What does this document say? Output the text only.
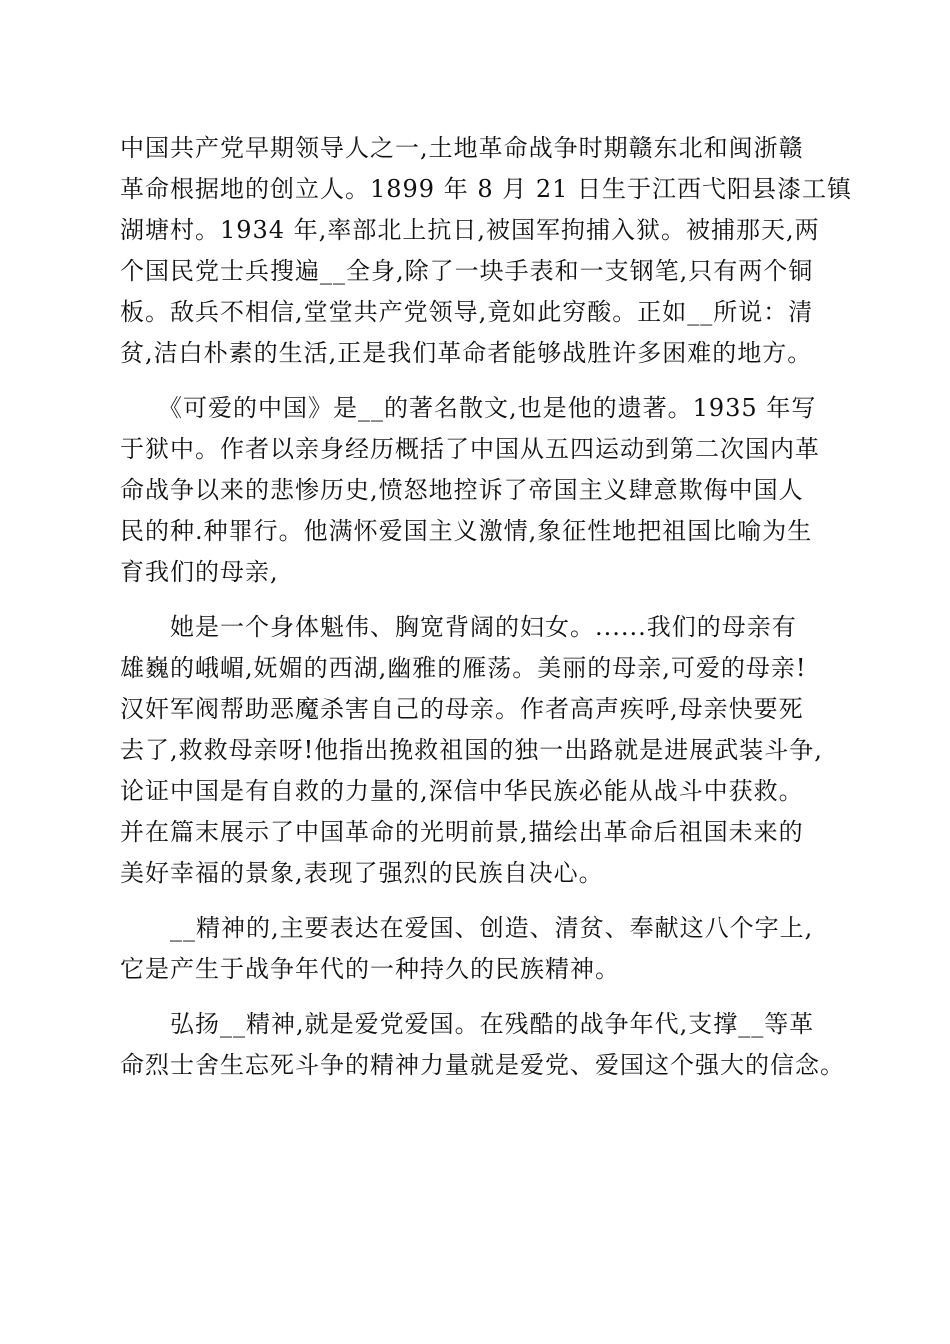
中国共产党早期领导人之一,土地革命战争时期赣东北和闽浙赣
革命根据地的创立人。1899 年 8 月 21 日生于江西弋阳县漆工镇
湖塘村。1934 年,率部北上抗日,被国军拘捕入狱。被捕那天,两
个国民党士兵搜遍__全身,除了一块手表和一支钢笔,只有两个铜
板。敌兵不相信,堂堂共产党领导,竟如此穷酸。正如__所说：清
贫,洁白朴素的生活,正是我们革命者能够战胜许多困难的地方。
　　《可爱的中国》是__的著名散文,也是他的遗著。1935 年写
于狱中。作者以亲身经历概括了中国从五四运动到第二次国内革
命战争以来的悲惨历史,愤怒地控诉了帝国主义肆意欺侮中国人
民的种.种罪行。他满怀爱国主义激情,象征性地把祖国比喻为生
育我们的母亲,
　　她是一个身体魁伟、胸宽背阔的妇女。......我们的母亲有
雄巍的峨嵋,妩媚的西湖,幽雅的雁荡。美丽的母亲,可爱的母亲!
汉奸军阀帮助恶魔杀害自己的母亲。作者高声疾呼,母亲快要死
去了,救救母亲呀!他指出挽救祖国的独一出路就是进展武装斗争,
论证中国是有自救的力量的,深信中华民族必能从战斗中获救。
并在篇末展示了中国革命的光明前景,描绘出革命后祖国未来的
美好幸福的景象,表现了强烈的民族自决心。
　　__精神的,主要表达在爱国、创造、清贫、奉献这八个字上,
它是产生于战争年代的一种持久的民族精神。
　　弘扬__精神,就是爱党爱国。在残酷的战争年代,支撑__等革
命烈士舍生忘死斗争的精神力量就是爱党、爱国这个强大的信念。
